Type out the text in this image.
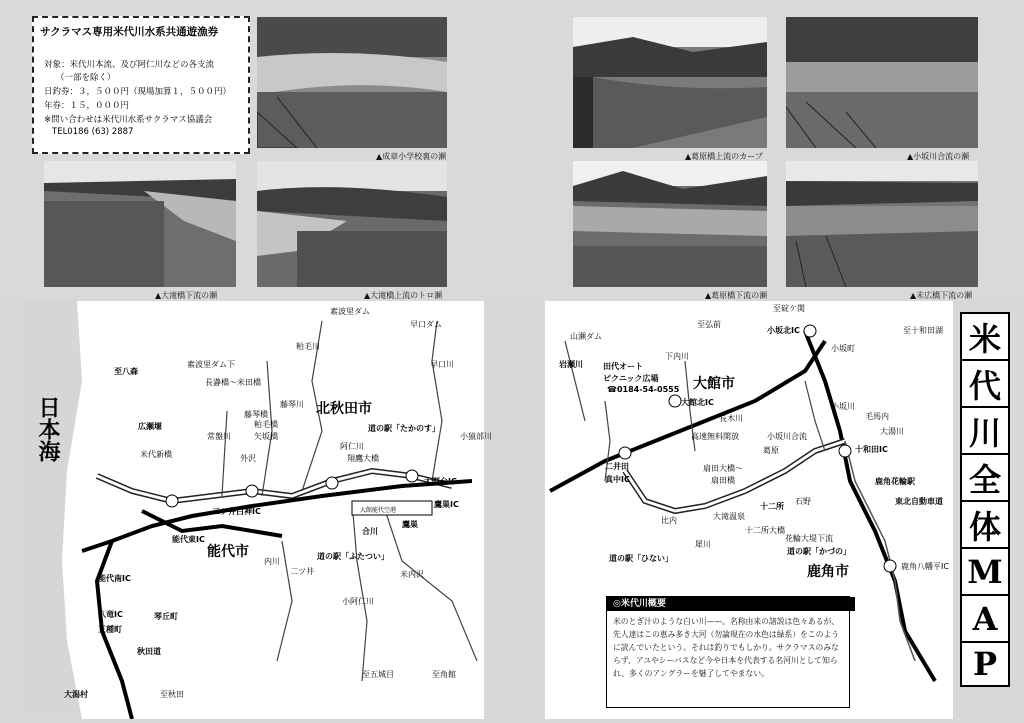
サクラマス専用米代川水系共通遊漁券
対象：米代川本流、及び阿仁川などの各支流
（一部を除く）
日釣券：３，５００円（現場加算１，５００円）
年券：１５，０００円
※問い合わせは米代川水系サクラマス協議会
TEL0186 (63) 2887
▲成章小学校裏の瀬
▲大滝橋下流の瀬	▲大滝橋上流のトロ瀬
▲葛原橋上流のカーブ	▲小坂川合流の瀬
▲葛原橋下流の瀬	▲末広橋下流の瀬
日本海
能代市
北秋田市
素波里ダム
早口ダム
至八森
素波里ダム下
長瀞橋～米田橋
藤琴川
粕毛川
早口川
米代新橋
広瀬堰
藤琴橋
小猿部川
阿仁川
常盤川
外沢
粕毛橋
矢坂橋
翔鷹大橋
道の駅「たかのす」
二ツ井白神IC
能代東IC
能代南IC
八竜IC
三種町
琴丘町
秋田道
大野台IC
鷹巣IC
道の駅「ふたつい」
二ツ井
合川
米内沢
小阿仁川
至五城目	至角館
大潟村	至秋田
内川
大館能代空港
鷹巣
大館市
鹿角市
至碇ケ関
至弘前
山瀬ダム
小坂北IC	至十和田湖
岩瀬川	田代オート
ピクニック広場
☎0184-54-0555
下内川
大館北IC
長木川
高速無料開放	小坂川合流
毛馬内
大湯川
十和田IC
二井田
真中IC
扇田大橋～
扇田橋
葛原
十二所大橋
犀川
比内	大滝温泉
道の駅「ひない」
道の駅「かづの」
鹿角花輪駅
鹿角八幡平IC
東北自動車道
花輪大堤下流
十二所
石野
小坂町
小坂川
◎米代川概要
米のとぎ汁のような白い川——。名称由来の諸説は色々あるが、先人達はこの恵み多き大河（勿論現在の水色は緑系）をこのように読んでいたという。それは釣りでもしかり。サクラマスのみならず、アユやシーバスなど今や日本を代表する名河川として知られ、多くのアングラーを魅了してやまない。
米
代
川
全
体
M
A
P
